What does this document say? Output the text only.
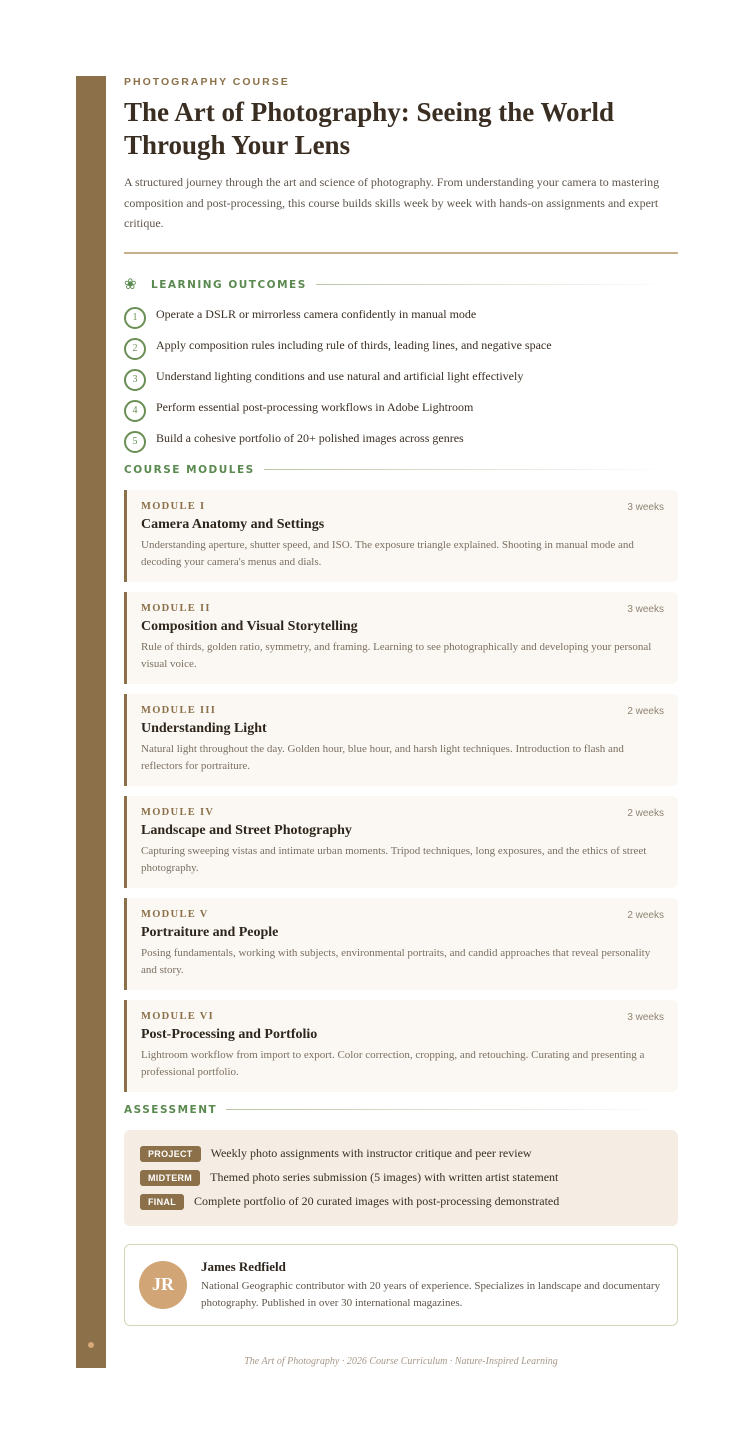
PHOTOGRAPHY COURSE

The Art of Photography: Seeing the World Through Your Lens

A structured journey through the art and science of photography. From understanding your camera to mastering composition and post-processing, this course builds skills week by week with hands-on assignments and expert critique.

❀	LEARNING OUTCOMES
1	Operate a DSLR or mirrorless camera confidently in manual mode
2	Apply composition rules including rule of thirds, leading lines, and negative space
3	Understand lighting conditions and use natural and artificial light effectively
4	Perform essential post-processing workflows in Adobe Lightroom
5	Build a cohesive portfolio of 20+ polished images across genres
COURSE MODULES
MODULE I	3 weeks
Camera Anatomy and Settings
Understanding aperture, shutter speed, and ISO. The exposure triangle explained. Shooting in manual mode and decoding your camera's menus and dials.
MODULE II	3 weeks
Composition and Visual Storytelling
Rule of thirds, golden ratio, symmetry, and framing. Learning to see photographically and developing your personal visual voice.
MODULE III	2 weeks
Understanding Light
Natural light throughout the day. Golden hour, blue hour, and harsh light techniques. Introduction to flash and reflectors for portraiture.
MODULE IV	2 weeks
Landscape and Street Photography
Capturing sweeping vistas and intimate urban moments. Tripod techniques, long exposures, and the ethics of street photography.
MODULE V	2 weeks
Portraiture and People
Posing fundamentals, working with subjects, environmental portraits, and candid approaches that reveal personality and story.
MODULE VI	3 weeks
Post-Processing and Portfolio
Lightroom workflow from import to export. Color correction, cropping, and retouching. Curating and presenting a professional portfolio.
ASSESSMENT
PROJECT	Weekly photo assignments with instructor critique and peer review
MIDTERM	Themed photo series submission (5 images) with written artist statement
FINAL	Complete portfolio of 20 curated images with post-processing demonstrated
JR
James Redfield
National Geographic contributor with 20 years of experience. Specializes in landscape and documentary photography. Published in over 30 international magazines.
The Art of Photography · 2026 Course Curriculum · Nature-Inspired Learning
